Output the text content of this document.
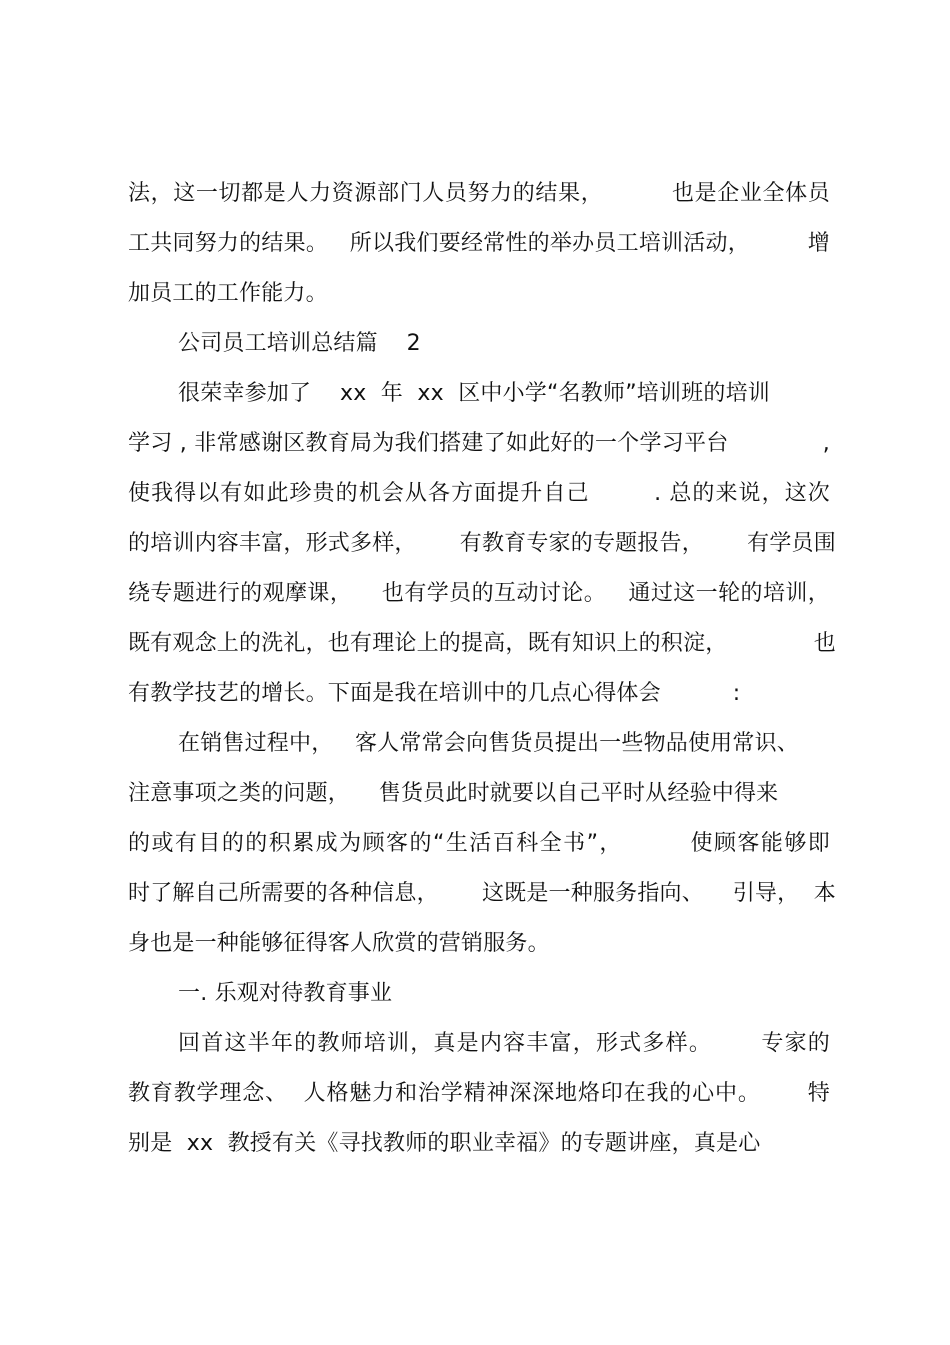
法，这一切都是人力资源部门人员努力的结果，         也是企业全体员

工共同努力的结果。   所以我们要经常性的举办员工培训活动，        增

加员工的工作能力。

公司员工培训总结篇    2

很荣幸参加了    xx  年  xx  区中小学“名教师”培训班的培训

学习 , 非常感谢区教育局为我们搭建了如此好的一个学习平台             ,

使我得以有如此珍贵的机会从各方面提升自己        . 总的来说，这次

的培训内容丰富，形式多样，      有教育专家的专题报告，      有学员围

绕专题进行的观摩课，    也有学员的互动讨论。   通过这一轮的培训，

既有观念上的洗礼，也有理论上的提高，既有知识上的积淀，            也

有教学技艺的增长。下面是我在培训中的几点心得体会          :

在销售过程中，   客人常常会向售货员提出一些物品使用常识、

注意事项之类的问题，    售货员此时就要以自己平时从经验中得来

的或有目的的积累成为顾客的“生活百科全书”，        使顾客能够即

时了解自己所需要的各种信息，      这既是一种服务指向、    引导，  本

身也是一种能够征得客人欣赏的营销服务。

一. 乐观对待教育事业

回首这半年的教师培训，真是内容丰富，形式多样。      专家的

教育教学理念、  人格魅力和治学精神深深地烙印在我的心中。      特

别是  xx  教授有关《寻找教师的职业幸福》的专题讲座，真是心
